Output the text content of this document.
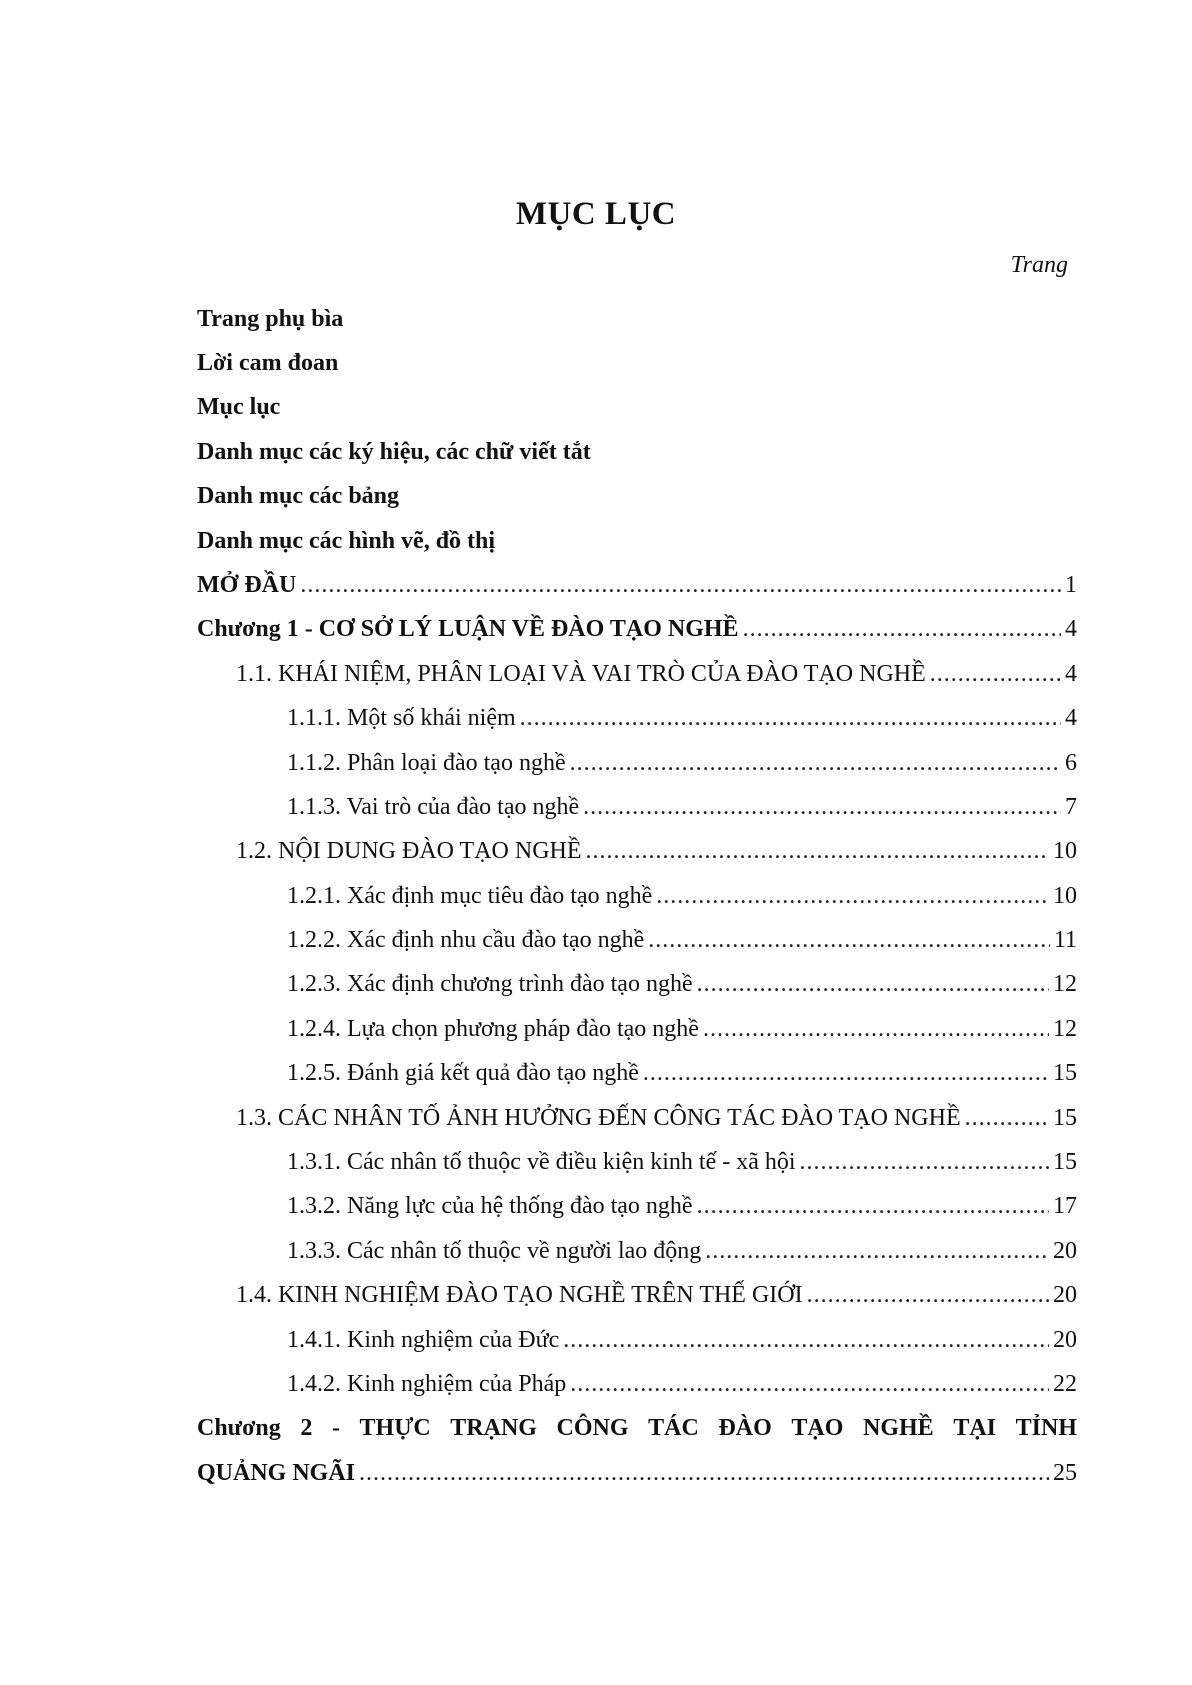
MỤC LỤC
Trang
Trang phụ bìa
Lời cam đoan
Mục lục
Danh mục các ký hiệu, các chữ viết tắt
Danh mục các bảng
Danh mục các hình vẽ, đồ thị
MỞ ĐẦU .....	1
Chương 1 - CƠ SỞ LÝ LUẬN VỀ ĐÀO TẠO NGHỀ .....	4
1.1. KHÁI NIỆM, PHÂN LOẠI VÀ VAI TRÒ CỦA ĐÀO TẠO NGHỀ .....	4
1.1.1. Một số khái niệm .....	4
1.1.2. Phân loại đào tạo nghề .....	6
1.1.3. Vai trò của đào tạo nghề .....	7
1.2. NỘI DUNG ĐÀO TẠO NGHỀ .....	10
1.2.1. Xác định mục tiêu đào tạo nghề .....	10
1.2.2. Xác định nhu cầu đào tạo nghề .....	11
1.2.3. Xác định chương trình đào tạo nghề .....	12
1.2.4. Lựa chọn phương pháp đào tạo nghề .....	12
1.2.5. Đánh giá kết quả đào tạo nghề .....	15
1.3. CÁC NHÂN TỐ ẢNH HƯỞNG ĐẾN CÔNG TÁC ĐÀO TẠO NGHỀ .....	15
1.3.1. Các nhân tố thuộc về điều kiện kinh tế - xã hội .....	15
1.3.2. Năng lực của hệ thống đào tạo nghề .....	17
1.3.3. Các nhân tố thuộc về người lao động .....	20
1.4. KINH NGHIỆM ĐÀO TẠO NGHỀ TRÊN THẾ GIỚI .....	20
1.4.1. Kinh nghiệm của Đức .....	20
1.4.2. Kinh nghiệm của Pháp .....	22
Chương 2 - THỰC TRẠNG CÔNG TÁC ĐÀO TẠO NGHỀ TẠI TỈNH
QUẢNG NGÃI .....	25
